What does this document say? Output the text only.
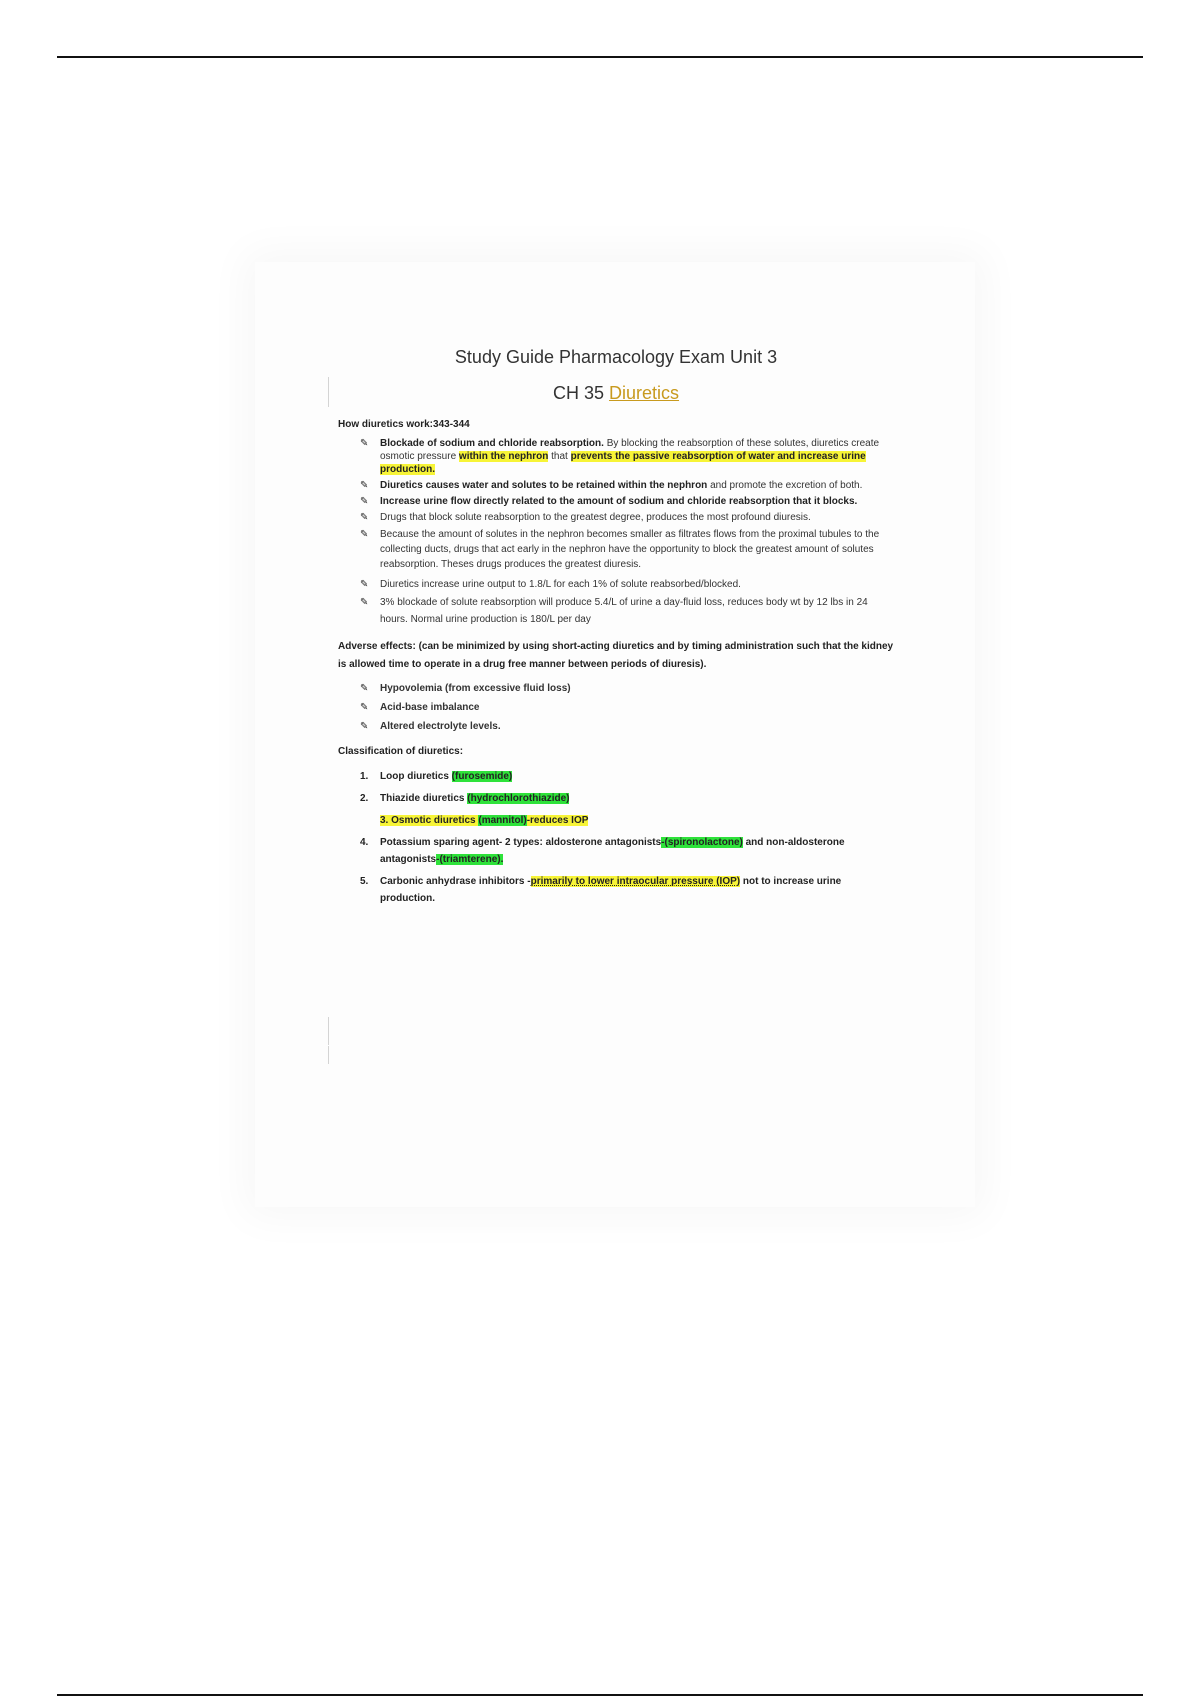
Study Guide Pharmacology Exam Unit 3
CH 35 Diuretics
How diuretics work:343-344
✎ Blockade of sodium and chloride reabsorption. By blocking the reabsorption of these solutes, diuretics create osmotic pressure within the nephron that prevents the passive reabsorption of water and increase urine production.
✎ Diuretics causes water and solutes to be retained within the nephron and promote the excretion of both.
✎ Increase urine flow directly related to the amount of sodium and chloride reabsorption that it blocks.
✎ Drugs that block solute reabsorption to the greatest degree, produces the most profound diuresis.
✎ Because the amount of solutes in the nephron becomes smaller as filtrates flows from the proximal tubules to the collecting ducts, drugs that act early in the nephron have the opportunity to block the greatest amount of solutes reabsorption. Theses drugs produces the greatest diuresis.
✎ Diuretics increase urine output to 1.8/L for each 1% of solute reabsorbed/blocked.
✎ 3% blockade of solute reabsorption will produce 5.4/L of urine a day-fluid loss, reduces body wt by 12 lbs in 24 hours. Normal urine production is 180/L per day
Adverse effects: (can be minimized by using short-acting diuretics and by timing administration such that the kidney is allowed time to operate in a drug free manner between periods of diuresis).
✎ Hypovolemia (from excessive fluid loss)
✎ Acid-base imbalance
✎ Altered electrolyte levels.
Classification of diuretics:
1. Loop diuretics (furosemide)
2. Thiazide diuretics (hydrochlorothiazide)
3. Osmotic diuretics (mannitol)-reduces IOP
4. Potassium sparing agent- 2 types: aldosterone antagonists-(spironolactone) and non-aldosterone antagonists-(triamterene).
5. Carbonic anhydrase inhibitors -primarily to lower intraocular pressure (IOP) not to increase urine production.
